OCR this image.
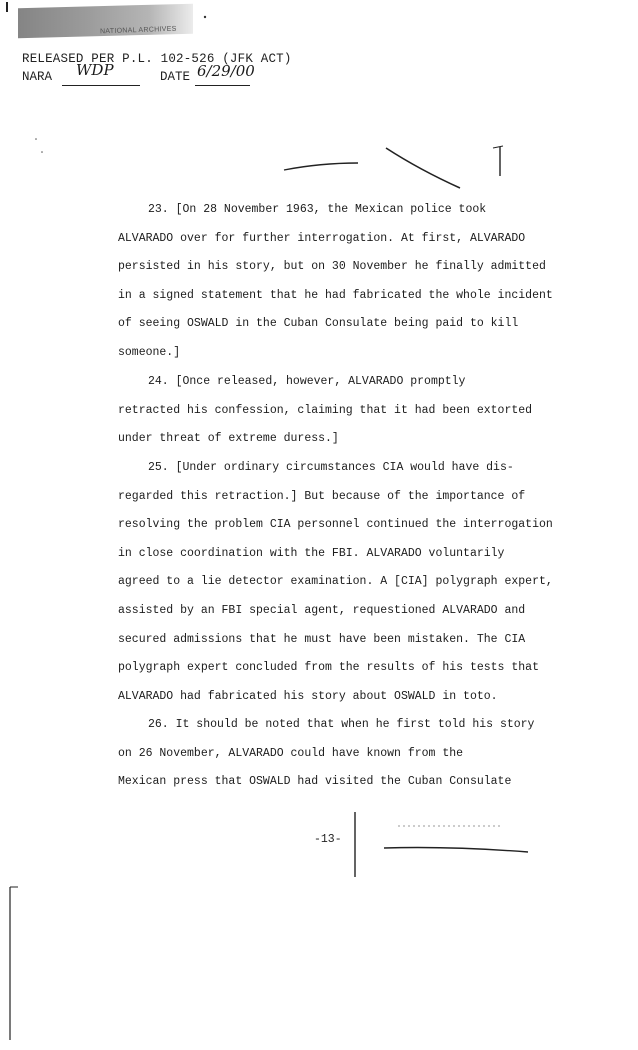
NATIONAL ARCHIVES
RELEASED PER P.L. 102-526 (JFK ACT)
NARA WDP	DATE 6/29/00
23. [On 28 November 1963, the Mexican police took
ALVARADO over for further interrogation. At first, ALVARADO
persisted in his story, but on 30 November he finally admitted
in a signed statement that he had fabricated the whole incident
of seeing OSWALD in the Cuban Consulate being paid to kill
someone.]
24. [Once released, however, ALVARADO promptly
retracted his confession, claiming that it had been extorted
under threat of extreme duress.]
25. [Under ordinary circumstances CIA would have dis-
regarded this retraction.] But because of the importance of
resolving the problem CIA personnel continued the interrogation
in close coordination with the FBI. ALVARADO voluntarily
agreed to a lie detector examination. A [CIA] polygraph expert,
assisted by an FBI special agent, requestioned ALVARADO and
secured admissions that he must have been mistaken. The CIA
polygraph expert concluded from the results of his tests that
ALVARADO had fabricated his story about OSWALD in toto.
26. It should be noted that when he first told his story
on 26 November, ALVARADO could have known from the
Mexican press that OSWALD had visited the Cuban Consulate
-13-
